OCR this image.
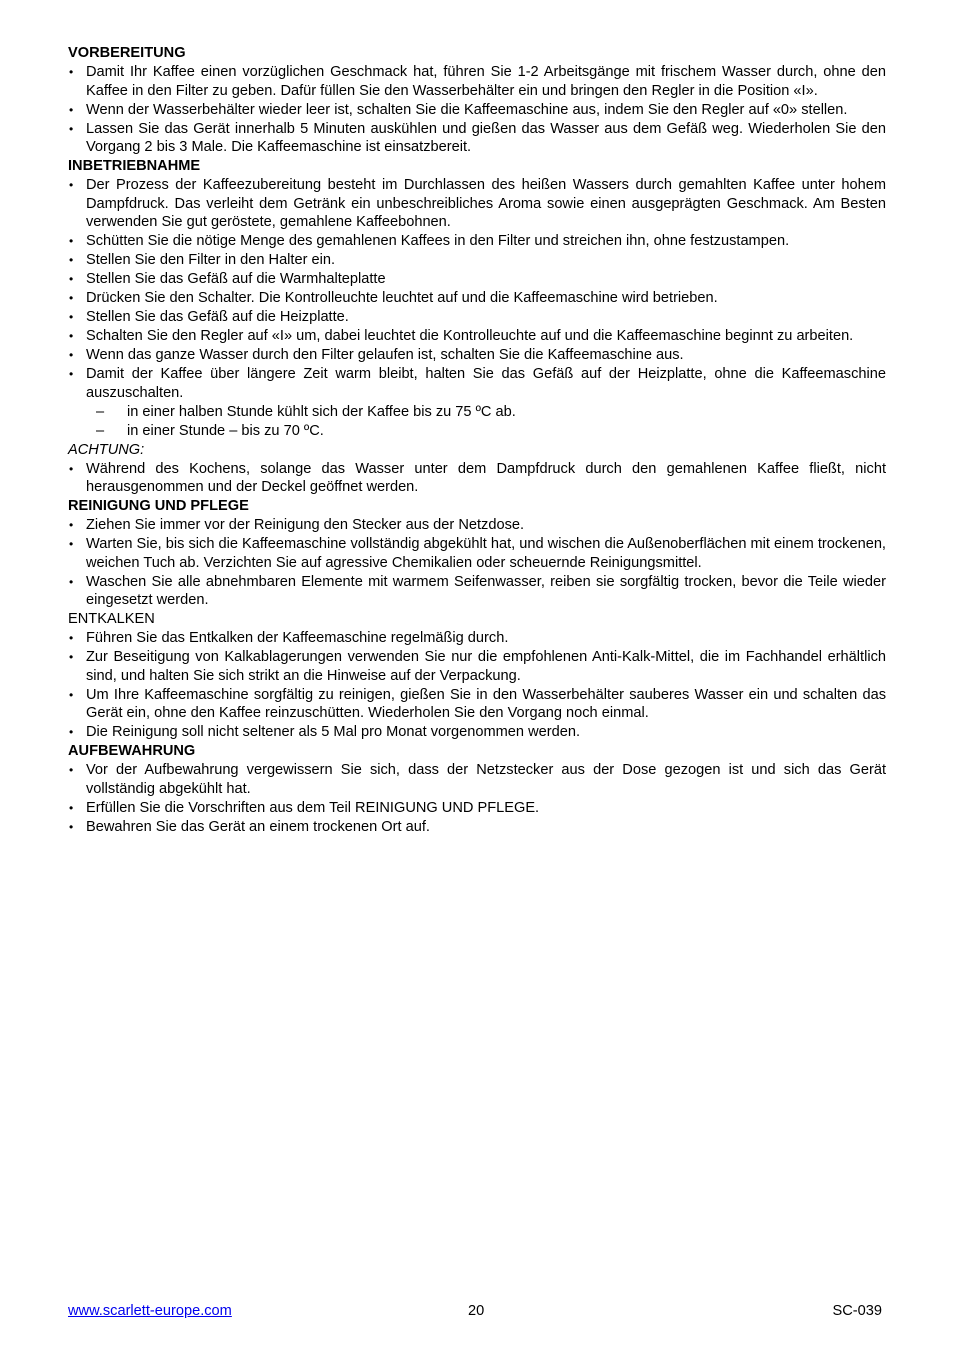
VORBEREITUNG
• Damit Ihr Kaffee einen vorzüglichen Geschmack hat, führen Sie 1-2 Arbeitsgänge mit frischem Wasser durch, ohne den Kaffee in den Filter zu geben. Dafür füllen Sie den Wasserbehälter ein und bringen den Regler in die Position «I».
• Wenn der Wasserbehälter wieder leer ist, schalten Sie die Kaffeemaschine aus, indem Sie den Regler auf «0» stellen.
• Lassen Sie das Gerät innerhalb 5 Minuten auskühlen und gießen das Wasser aus dem Gefäß weg. Wiederholen Sie den Vorgang 2 bis 3 Male. Die Kaffeemaschine ist einsatzbereit.
INBETRIEBNAHME
• Der Prozess der Kaffeezubereitung besteht im Durchlassen des heißen Wassers durch gemahlten Kaffee unter hohem Dampfdruck. Das verleiht dem Getränk ein unbeschreibliches Aroma sowie einen ausgeprägten Geschmack. Am Besten verwenden Sie gut geröstete, gemahlene Kaffeebohnen.
• Schütten Sie die nötige Menge des gemahlenen Kaffees in den Filter und streichen ihn, ohne festzustampen.
• Stellen Sie den Filter in den Halter ein.
• Stellen Sie das Gefäß auf die Warmhalteplatte
• Drücken Sie den Schalter. Die Kontrolleuchte leuchtet auf und die Kaffeemaschine wird betrieben.
• Stellen Sie das Gefäß auf die Heizplatte.
• Schalten Sie den Regler auf «I» um, dabei leuchtet die Kontrolleuchte auf und die Kaffeemaschine beginnt zu arbeiten.
• Wenn das ganze Wasser durch den Filter gelaufen ist, schalten Sie die Kaffeemaschine aus.
• Damit der Kaffee über längere Zeit warm bleibt, halten Sie das Gefäß auf der Heizplatte, ohne die Kaffeemaschine auszuschalten.
– in einer halben Stunde kühlt sich der Kaffee bis zu 75 ºC ab.
– in einer Stunde – bis zu 70 ºC.
ACHTUNG:
• Während des Kochens, solange das Wasser unter dem Dampfdruck durch den gemahlenen Kaffee fließt, nicht herausgenommen und der Deckel geöffnet werden.
REINIGUNG UND PFLEGE
• Ziehen Sie immer vor der Reinigung den Stecker aus der Netzdose.
• Warten Sie, bis sich die Kaffeemaschine vollständig abgekühlt hat, und wischen die Außenoberflächen mit einem trockenen, weichen Tuch ab. Verzichten Sie auf agressive Chemikalien oder scheuernde Reinigungsmittel.
• Waschen Sie alle abnehmbaren Elemente mit warmem Seifenwasser, reiben sie sorgfältig trocken, bevor die Teile wieder eingesetzt werden.
ENTKALKEN
• Führen Sie das Entkalken der Kaffeemaschine regelmäßig durch.
• Zur Beseitigung von Kalkablagerungen verwenden Sie nur die empfohlenen Anti-Kalk-Mittel, die im Fachhandel erhältlich sind, und halten Sie sich strikt an die Hinweise auf der Verpackung.
• Um Ihre Kaffeemaschine sorgfältig zu reinigen, gießen Sie in den Wasserbehälter sauberes Wasser ein und schalten das Gerät ein, ohne den Kaffee reinzuschütten. Wiederholen Sie den Vorgang noch einmal.
• Die Reinigung soll nicht seltener als 5 Mal pro Monat vorgenommen werden.
AUFBEWAHRUNG
• Vor der Aufbewahrung vergewissern Sie sich, dass der Netzstecker aus der Dose gezogen ist und sich das Gerät vollständig abgekühlt hat.
• Erfüllen Sie die Vorschriften aus dem Teil REINIGUNG UND PFLEGE.
• Bewahren Sie das Gerät an einem trockenen Ort auf.
www.scarlett-europe.com	20	SC-039
